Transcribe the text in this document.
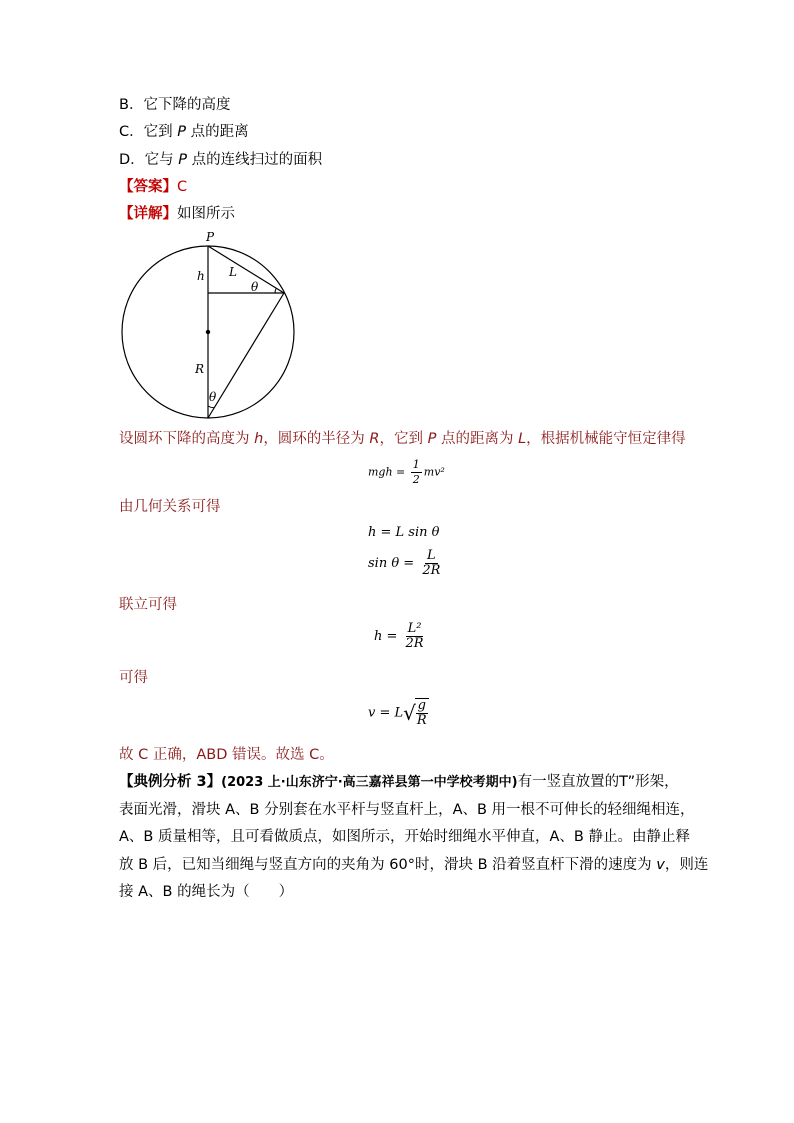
B．它下降的高度
C．它到 P 点的距离
D．它与 P 点的连线扫过的面积
【答案】C
【详解】如图所示
P
h L
θ
R
θ
设圆环下降的高度为 h，圆环的半径为 R，它到 P 点的距离为 L，根据机械能守恒定律得
mgh = $\frac{1}{2} mv^2$
由几何关系可得
h = L sin θ
$\sin \theta = \frac{L}{2R}$
联立可得
$h = \frac{\text{L²}}{2R}$
可得
$v = L√ \frac{g}{R}$
故 C 正确，ABD 错误。故选 C。
【典例分析 3】(2023 上·山东济宁·高三嘉祥县第一中学校考期中)有一竖直放置的T”形架，
表面光滑，滑块 A、B 分别套在水平杆与竖直杆上，A、B 用一根不可伸长的轻细绳相连，
A、B 质量相等，且可看做质点，如图所示，开始时细绳水平伸直，A、B 静止。由静止释
放 B 后，已知当细绳与竖直方向的夹角为 60°时，滑块 B 沿着竖直杆下滑的速度为 v，则连
接 A、B 的绳长为（　　）
